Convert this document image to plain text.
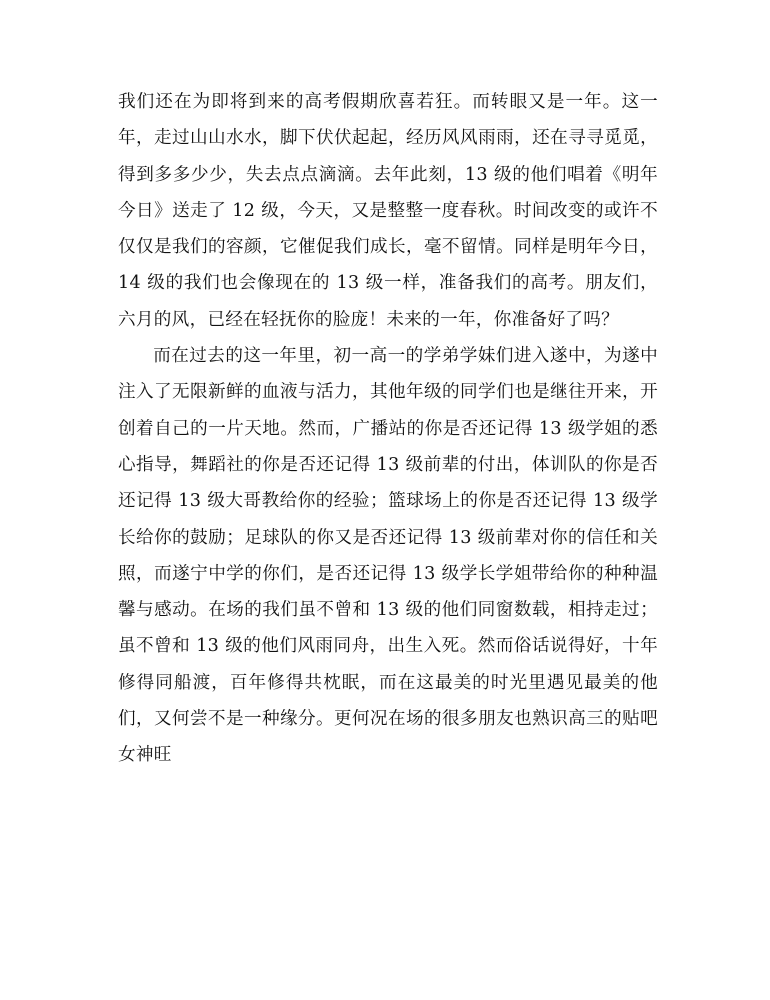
我们还在为即将到来的高考假期欣喜若狂。而转眼又是一年。这一年，走过山山水水，脚下伏伏起起，经历风风雨雨，还在寻寻觅觅，得到多多少少，失去点点滴滴。去年此刻，13 级的他们唱着《明年今日》送走了 12 级，今天，又是整整一度春秋。时间改变的或许不仅仅是我们的容颜，它催促我们成长，毫不留情。同样是明年今日，14 级的我们也会像现在的 13 级一样，准备我们的高考。朋友们，六月的风，已经在轻抚你的脸庞！未来的一年，你准备好了吗？

而在过去的这一年里，初一高一的学弟学妹们进入遂中，为遂中注入了无限新鲜的血液与活力，其他年级的同学们也是继往开来，开创着自己的一片天地。然而，广播站的你是否还记得 13 级学姐的悉心指导，舞蹈社的你是否还记得 13 级前辈的付出，体训队的你是否还记得 13 级大哥教给你的经验；篮球场上的你是否还记得 13 级学长给你的鼓励；足球队的你又是否还记得 13 级前辈对你的信任和关照，而遂宁中学的你们，是否还记得 13 级学长学姐带给你的种种温馨与感动。在场的我们虽不曾和 13 级的他们同窗数载，相持走过；虽不曾和 13 级的他们风雨同舟，出生入死。然而俗话说得好，十年修得同船渡，百年修得共枕眠，而在这最美的时光里遇见最美的他们，又何尝不是一种缘分。更何况在场的很多朋友也熟识高三的贴吧女神旺
